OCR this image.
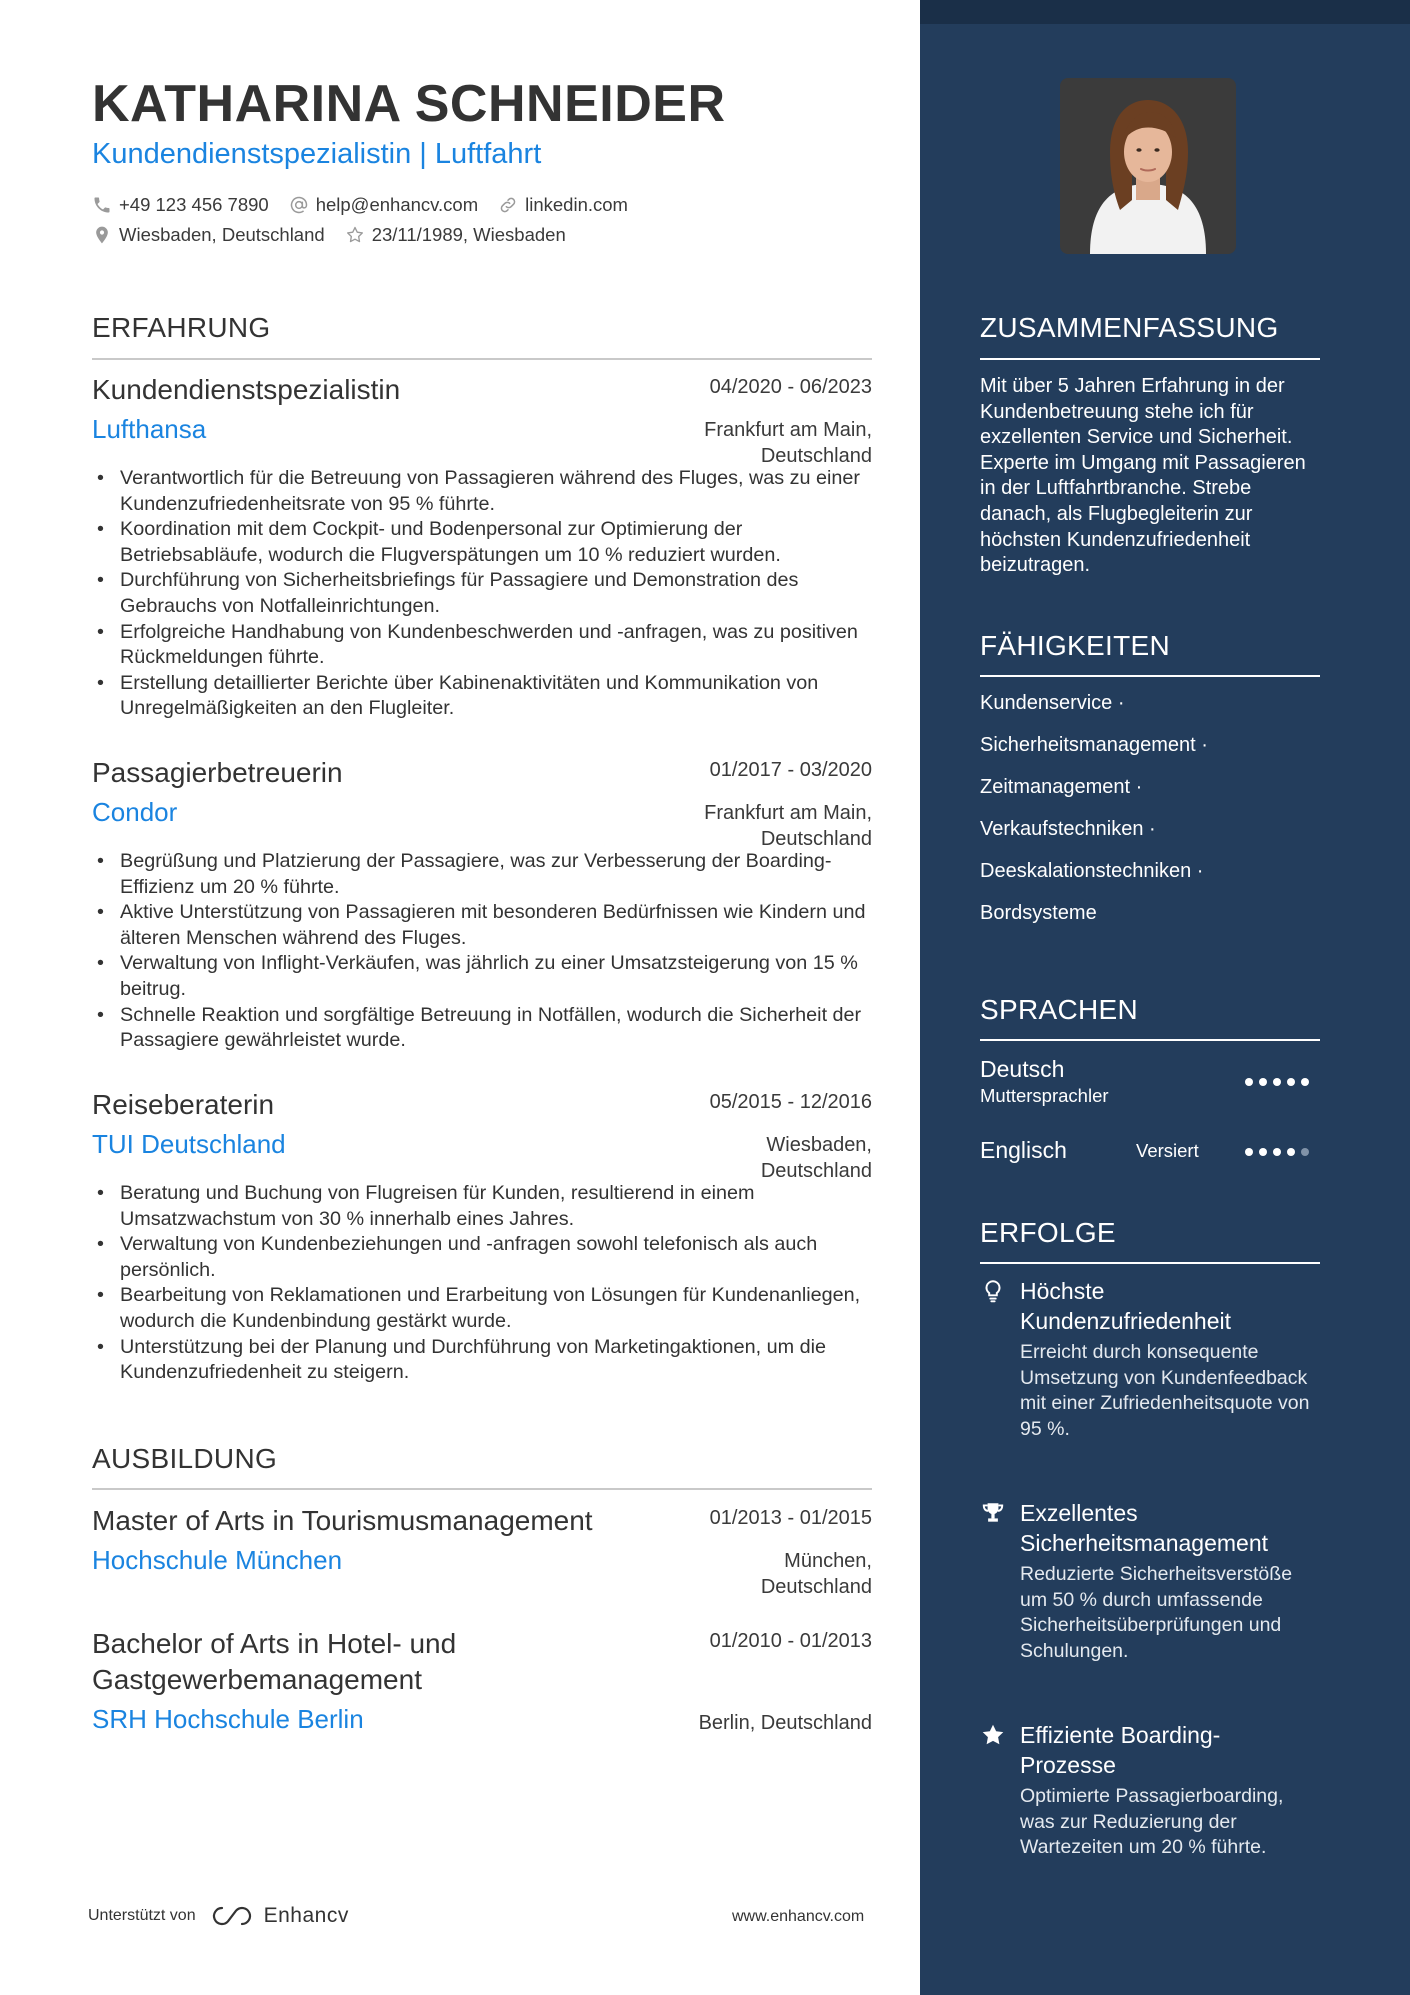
KATHARINA SCHNEIDER
Kundendienstspezialistin | Luftfahrt
+49 123 456 7890	help@enhancv.com	linkedin.com
Wiesbaden, Deutschland	23/11/1989, Wiesbaden
ERFAHRUNG
Kundendienstspezialistin	04/2020 - 06/2023
Lufthansa	Frankfurt am Main,
Deutschland
• Verantwortlich für die Betreuung von Passagieren während des Fluges, was zu einer Kundenzufriedenheitsrate von 95 % führte.
• Koordination mit dem Cockpit- und Bodenpersonal zur Optimierung der Betriebsabläufe, wodurch die Flugverspätungen um 10 % reduziert wurden.
• Durchführung von Sicherheitsbriefings für Passagiere und Demonstration des Gebrauchs von Notfalleinrichtungen.
• Erfolgreiche Handhabung von Kundenbeschwerden und -anfragen, was zu positiven Rückmeldungen führte.
• Erstellung detaillierter Berichte über Kabinenaktivitäten und Kommunikation von Unregelmäßigkeiten an den Flugleiter.
Passagierbetreuerin	01/2017 - 03/2020
Condor	Frankfurt am Main,
Deutschland
• Begrüßung und Platzierung der Passagiere, was zur Verbesserung der Boarding-Effizienz um 20 % führte.
• Aktive Unterstützung von Passagieren mit besonderen Bedürfnissen wie Kindern und älteren Menschen während des Fluges.
• Verwaltung von Inflight-Verkäufen, was jährlich zu einer Umsatzsteigerung von 15 % beitrug.
• Schnelle Reaktion und sorgfältige Betreuung in Notfällen, wodurch die Sicherheit der Passagiere gewährleistet wurde.
Reiseberaterin	05/2015 - 12/2016
TUI Deutschland	Wiesbaden,
Deutschland
• Beratung und Buchung von Flugreisen für Kunden, resultierend in einem Umsatzwachstum von 30 % innerhalb eines Jahres.
• Verwaltung von Kundenbeziehungen und -anfragen sowohl telefonisch als auch persönlich.
• Bearbeitung von Reklamationen und Erarbeitung von Lösungen für Kundenanliegen, wodurch die Kundenbindung gestärkt wurde.
• Unterstützung bei der Planung und Durchführung von Marketingaktionen, um die Kundenzufriedenheit zu steigern.
AUSBILDUNG
Master of Arts in Tourismusmanagement	01/2013 - 01/2015
Hochschule München	München,
Deutschland
Bachelor of Arts in Hotel- und
Gastgewerbemanagement
01/2010 - 01/2013
SRH Hochschule Berlin	Berlin, Deutschland
Unterstützt von	Enhancv	www.enhancv.com
ZUSAMMENFASSUNG
Mit über 5 Jahren Erfahrung in der Kundenbetreuung stehe ich für exzellenten Service und Sicherheit. Experte im Umgang mit Passagieren in der Luftfahrtbranche. Strebe danach, als Flugbegleiterin zur höchsten Kundenzufriedenheit beizutragen.
FÄHIGKEITEN
Kundenservice ·
Sicherheitsmanagement ·
Zeitmanagement ·
Verkaufstechniken ·
Deeskalationstechniken ·
Bordsysteme
SPRACHEN
Deutsch
Muttersprachler
Englisch	Versiert
ERFOLGE
Höchste
Kundenzufriedenheit
Erreicht durch konsequente Umsetzung von Kundenfeedback mit einer Zufriedenheitsquote von 95 %.
Exzellentes
Sicherheitsmanagement
Reduzierte Sicherheitsverstöße um 50 % durch umfassende Sicherheitsüberprüfungen und Schulungen.
Effiziente Boarding-
Prozesse
Optimierte Passagierboarding, was zur Reduzierung der Wartezeiten um 20 % führte.
